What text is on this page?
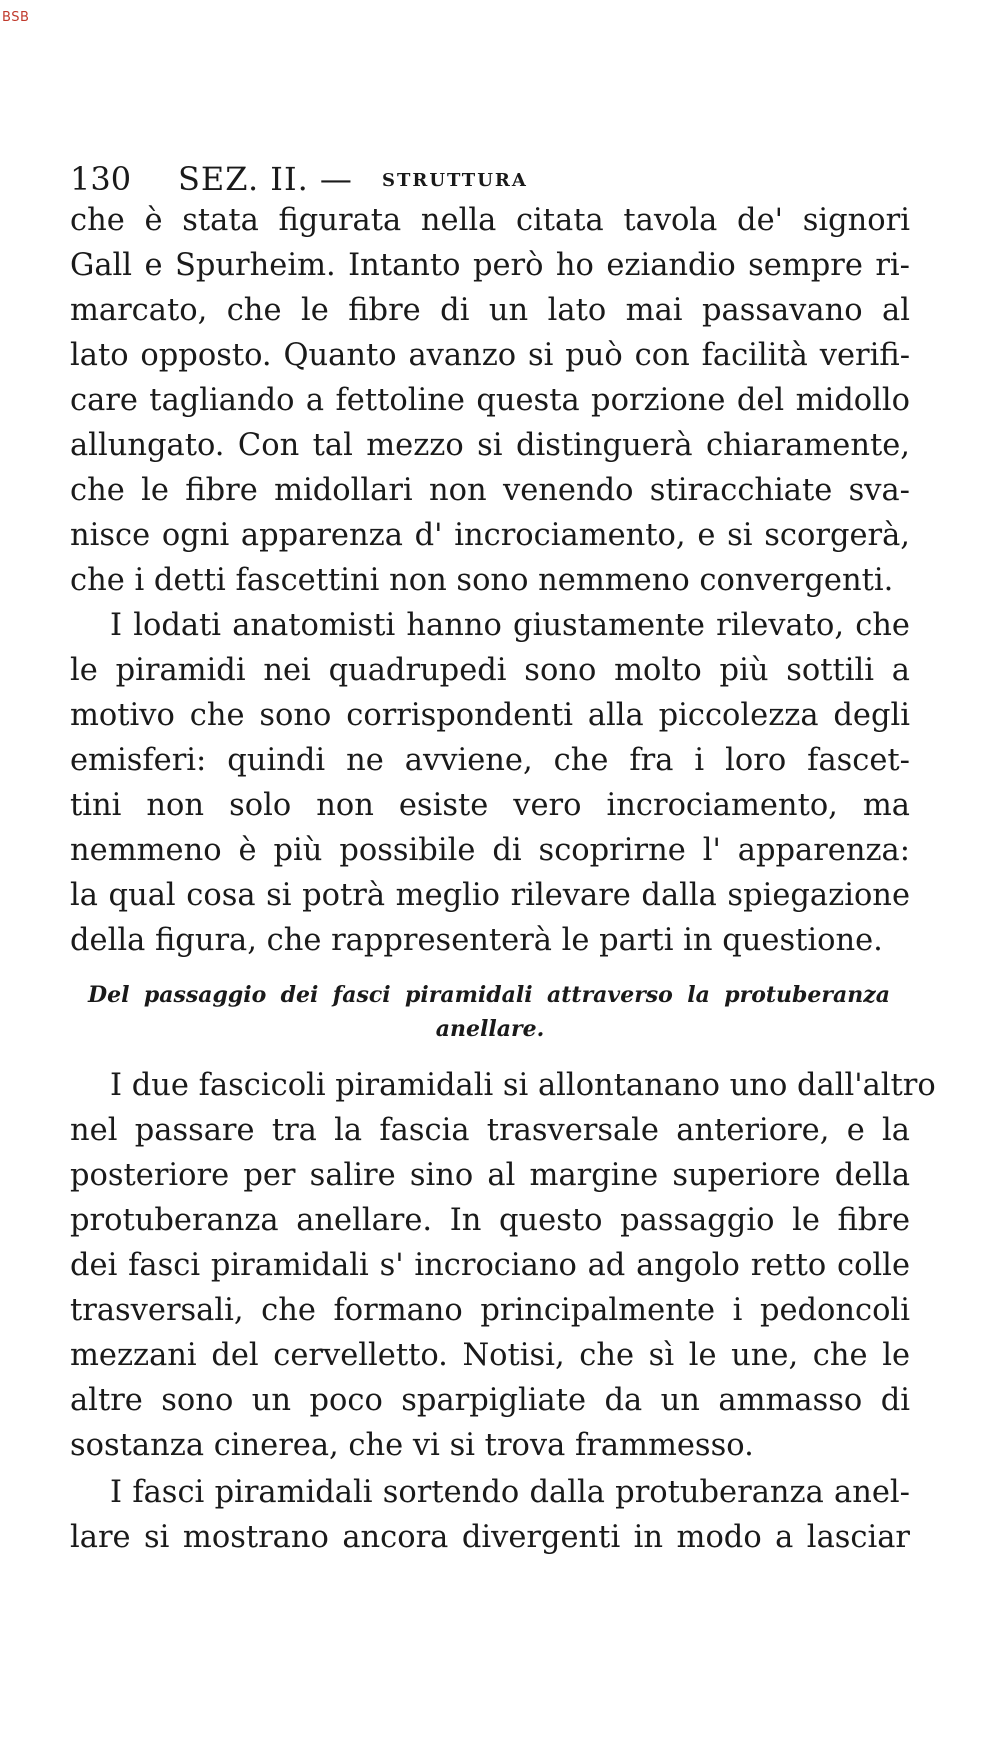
BSB
130 SEZ. II. — STRUTTURA
che è stata figurata nella citata tavola de' signori
Gall e Spurheim. Intanto però ho eziandio sempre ri-
marcato, che le fibre di un lato mai passavano al
lato opposto. Quanto avanzo si può con facilità verifi-
care tagliando a fettoline questa porzione del midollo
allungato. Con tal mezzo si distinguerà chiaramente,
che le fibre midollari non venendo stiracchiate sva-
nisce ogni apparenza d' incrociamento, e si scorgerà,
che i detti fascettini non sono nemmeno convergenti.
I lodati anatomisti hanno giustamente rilevato, che
le piramidi nei quadrupedi sono molto più sottili a
motivo che sono corrispondenti alla piccolezza degli
emisferi: quindi ne avviene, che fra i loro fascet-
tini non solo non esiste vero incrociamento, ma
nemmeno è più possibile di scoprirne l' apparenza:
la qual cosa si potrà meglio rilevare dalla spiegazione
della figura, che rappresenterà le parti in questione.
Del passaggio dei fasci piramidali attraverso la protuberanza
anellare.
I due fascicoli piramidali si allontanano uno dall'altro
nel passare tra la fascia trasversale anteriore, e la
posteriore per salire sino al margine superiore della
protuberanza anellare. In questo passaggio le fibre
dei fasci piramidali s' incrociano ad angolo retto colle
trasversali, che formano principalmente i pedoncoli
mezzani del cervelletto. Notisi, che sì le une, che le
altre sono un poco sparpigliate da un ammasso di
sostanza cinerea, che vi si trova frammesso.
I fasci piramidali sortendo dalla protuberanza anel-
lare si mostrano ancora divergenti in modo a lasciar
